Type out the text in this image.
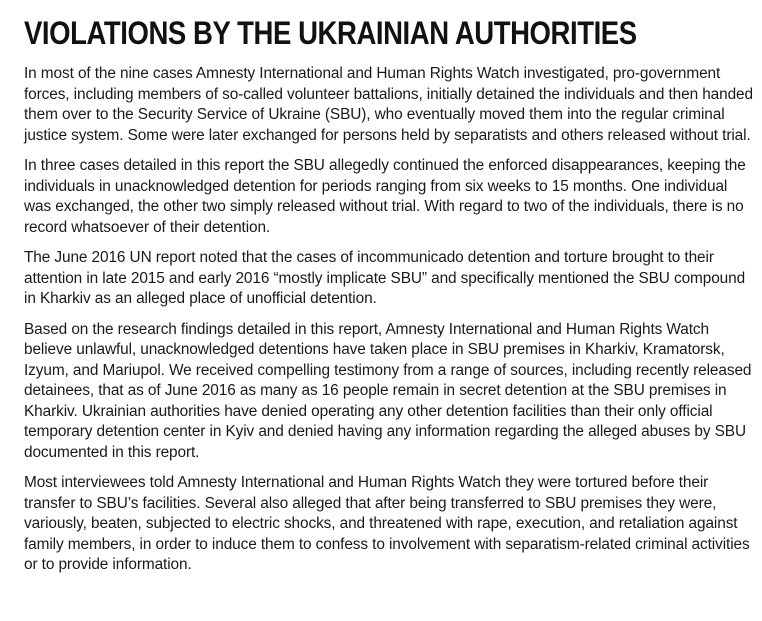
VIOLATIONS BY THE UKRAINIAN AUTHORITIES

In most of the nine cases Amnesty International and Human Rights Watch investigated, pro-government forces, including members of so-called volunteer battalions, initially detained the individuals and then handed them over to the Security Service of Ukraine (SBU), who eventually moved them into the regular criminal justice system. Some were later exchanged for persons held by separatists and others released without trial.

In three cases detailed in this report the SBU allegedly continued the enforced disappearances, keeping the individuals in unacknowledged detention for periods ranging from six weeks to 15 months. One individual was exchanged, the other two simply released without trial. With regard to two of the individuals, there is no record whatsoever of their detention.

The June 2016 UN report noted that the cases of incommunicado detention and torture brought to their attention in late 2015 and early 2016 “mostly implicate SBU” and specifically mentioned the SBU compound in Kharkiv as an alleged place of unofficial detention.

Based on the research findings detailed in this report, Amnesty International and Human Rights Watch believe unlawful, unacknowledged detentions have taken place in SBU premises in Kharkiv, Kramatorsk, Izyum, and Mariupol. We received compelling testimony from a range of sources, including recently released detainees, that as of June 2016 as many as 16 people remain in secret detention at the SBU premises in Kharkiv. Ukrainian authorities have denied operating any other detention facilities than their only official temporary detention center in Kyiv and denied having any information regarding the alleged abuses by SBU documented in this report.

Most interviewees told Amnesty International and Human Rights Watch they were tortured before their transfer to SBU’s facilities. Several also alleged that after being transferred to SBU premises they were, variously, beaten, subjected to electric shocks, and threatened with rape, execution, and retaliation against family members, in order to induce them to confess to involvement with separatism-related criminal activities or to provide information.
